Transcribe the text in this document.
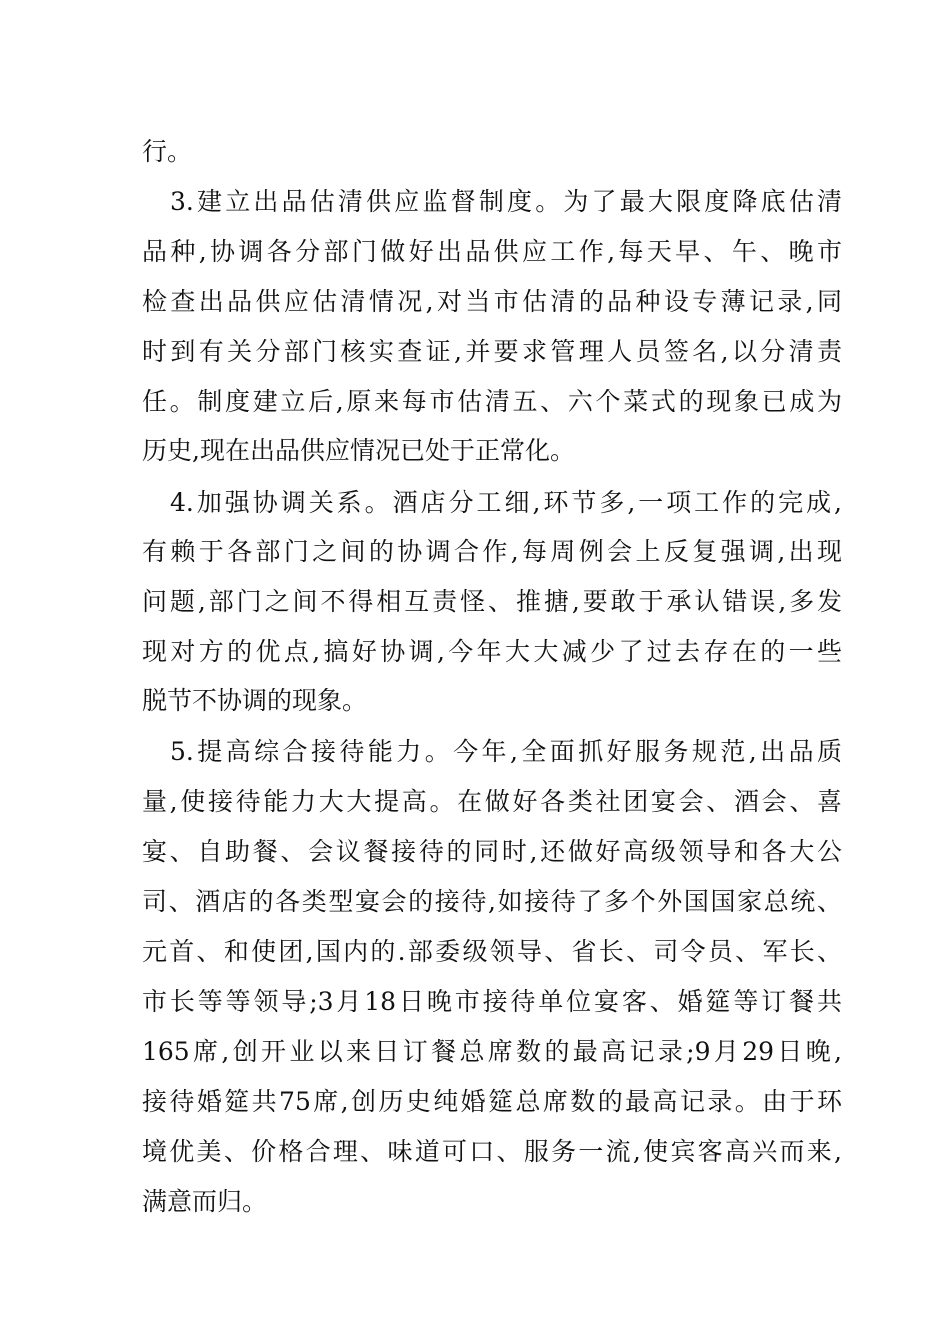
行。
3.建立出品估清供应监督制度。为了最大限度降底估清
品种,协调各分部门做好出品供应工作,每天早、午、晚市
检查出品供应估清情况,对当市估清的品种设专薄记录,同
时到有关分部门核实查证,并要求管理人员签名,以分清责
任。制度建立后,原来每市估清五、六个菜式的现象已成为
历史,现在出品供应情况已处于正常化。
4.加强协调关系。酒店分工细,环节多,一项工作的完成,
有赖于各部门之间的协调合作,每周例会上反复强调,出现
问题,部门之间不得相互责怪、推搪,要敢于承认错误,多发
现对方的优点,搞好协调,今年大大减少了过去存在的一些
脱节不协调的现象。
5.提高综合接待能力。今年,全面抓好服务规范,出品质
量,使接待能力大大提高。在做好各类社团宴会、酒会、喜
宴、自助餐、会议餐接待的同时,还做好高级领导和各大公
司、酒店的各类型宴会的接待,如接待了多个外国国家总统、
元首、和使团,国内的.部委级领导、省长、司令员、军长、
市长等等领导;3月18日晚市接待单位宴客、婚筵等订餐共
165席,创开业以来日订餐总席数的最高记录;9月29日晚,
接待婚筵共75席,创历史纯婚筵总席数的最高记录。由于环
境优美、价格合理、味道可口、服务一流,使宾客高兴而来,
满意而归。
